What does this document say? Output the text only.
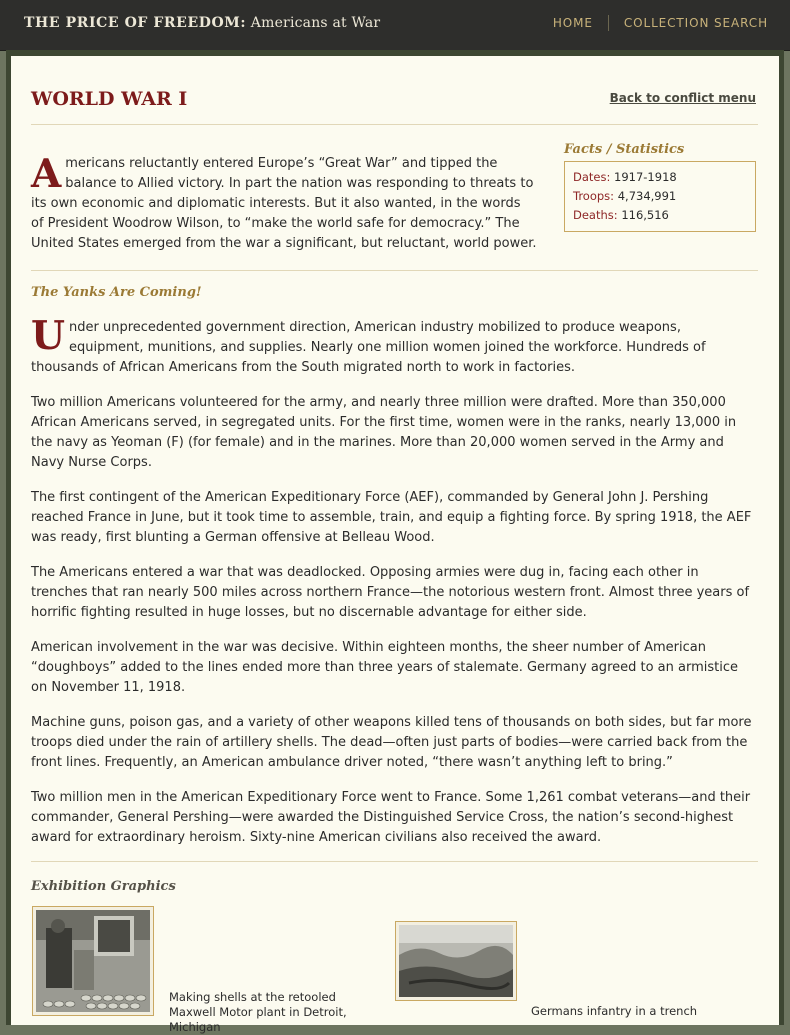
THE PRICE OF FREEDOM: Americans at War	HOME	COLLECTION SEARCH
WORLD WAR I	Back to conflict menu

Americans reluctantly entered Europe’s “Great War” and tipped the balance to Allied victory. In part the nation was responding to threats to its own economic and diplomatic interests. But it also wanted, in the words of President Woodrow Wilson, to “make the world safe for democracy.” The United States emerged from the war a significant, but reluctant, world power.

Facts / Statistics
Dates: 1917-1918
Troops: 4,734,991
Deaths: 116,516
The Yanks Are Coming!

Under unprecedented government direction, American industry mobilized to produce weapons, equipment, munitions, and supplies. Nearly one million women joined the workforce. Hundreds of thousands of African Americans from the South migrated north to work in factories.

Two million Americans volunteered for the army, and nearly three million were drafted. More than 350,000 African Americans served, in segregated units. For the first time, women were in the ranks, nearly 13,000 in the navy as Yeoman (F) (for female) and in the marines. More than 20,000 women served in the Army and Navy Nurse Corps.

The first contingent of the American Expeditionary Force (AEF), commanded by General John J. Pershing reached France in June, but it took time to assemble, train, and equip a fighting force. By spring 1918, the AEF was ready, first blunting a German offensive at Belleau Wood.

The Americans entered a war that was deadlocked. Opposing armies were dug in, facing each other in trenches that ran nearly 500 miles across northern France—the notorious western front. Almost three years of horrific fighting resulted in huge losses, but no discernable advantage for either side.

American involvement in the war was decisive. Within eighteen months, the sheer number of American “doughboys” added to the lines ended more than three years of stalemate. Germany agreed to an armistice on November 11, 1918.

Machine guns, poison gas, and a variety of other weapons killed tens of thousands on both sides, but far more troops died under the rain of artillery shells. The dead—often just parts of bodies—were carried back from the front lines. Frequently, an American ambulance driver noted, “there wasn’t anything left to bring.”

Two million men in the American Expeditionary Force went to France. Some 1,261 combat veterans—and their commander, General Pershing—were awarded the Distinguished Service Cross, the nation’s second-highest award for extraordinary heroism. Sixty-nine American civilians also received the award.

Exhibition Graphics
Making shells at the retooled Maxwell Motor plant in Detroit, Michigan
Germans infantry in a trench
